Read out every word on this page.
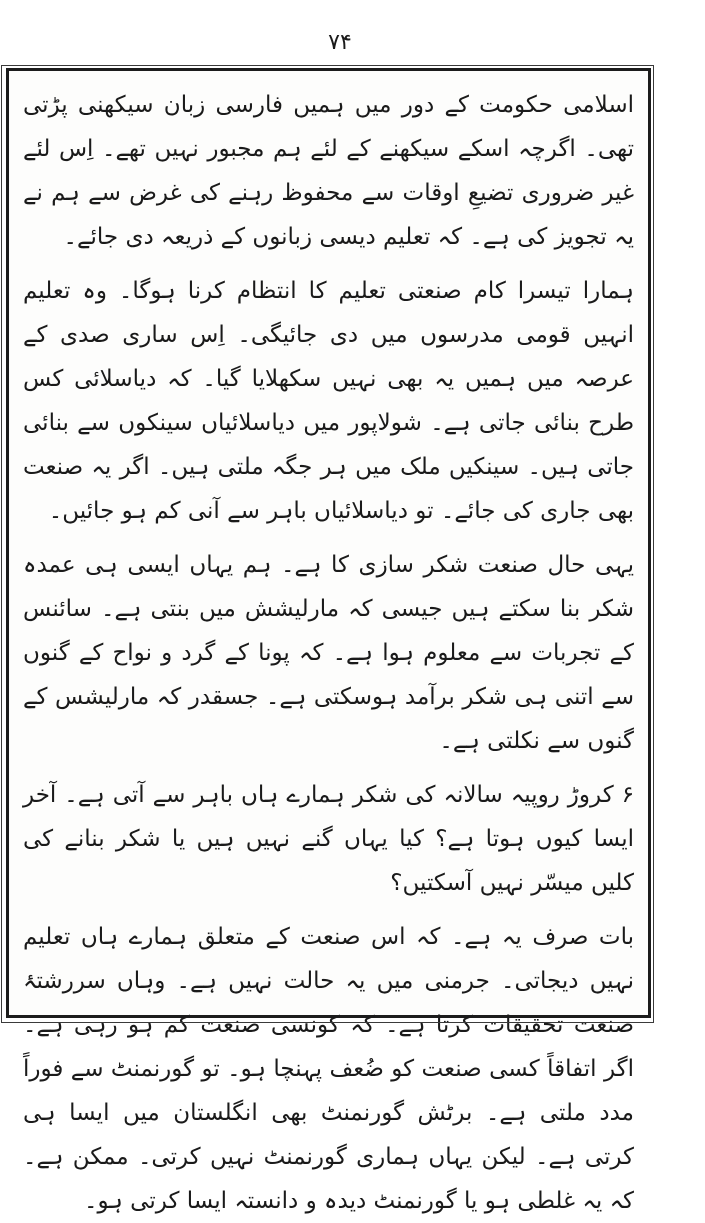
۷۴

اسلامی حکومت کے دور میں ہمیں فارسی زبان سیکھنی پڑتی تھی۔ اگرچہ اسکے سیکھنے کے لئے ہم مجبور نہیں تھے۔ اِس لئے غیر ضروری تضیعِ اوقات سے محفوظ رہنے کی غرض سے ہم نے یہ تجویز کی ہے۔ کہ تعلیم دیسی زبانوں کے ذریعہ دی جائے۔

ہمارا تیسرا کام صنعتی تعلیم کا انتظام کرنا ہوگا۔ وہ تعلیم انہیں قومی مدرسوں میں دی جائیگی۔ اِس ساری صدی کے عرصہ میں ہمیں یہ بھی نہیں سکھلایا گیا۔ کہ دیاسلائی کس طرح بنائی جاتی ہے۔ شولاپور میں دیاسلائیاں سینکوں سے بنائی جاتی ہیں۔ سینکیں ملک میں ہر جگہ ملتی ہیں۔ اگر یہ صنعت بھی جاری کی جائے۔ تو دیاسلائیاں باہر سے آنی کم ہو جائیں۔

یہی حال صنعت شکر سازی کا ہے۔ ہم یہاں ایسی ہی عمدہ شکر بنا سکتے ہیں جیسی کہ مارلیشش میں بنتی ہے۔ سائنس کے تجربات سے معلوم ہوا ہے۔ کہ پونا کے گرد و نواح کے گنوں سے اتنی ہی شکر برآمد ہوسکتی ہے۔ جسقدر کہ مارلیشس کے گنوں سے نکلتی ہے۔

۶ کروڑ روپیہ سالانہ کی شکر ہمارے ہاں باہر سے آتی ہے۔ آخر ایسا کیوں ہوتا ہے؟ کیا یہاں گنے نہیں ہیں یا شکر بنانے کی کلیں میسّر نہیں آسکتیں؟

بات صرف یہ ہے۔ کہ اس صنعت کے متعلق ہمارے ہاں تعلیم نہیں دیجاتی۔ جرمنی میں یہ حالت نہیں ہے۔ وہاں سررشتۂ صنعت تحقیقات کرتا ہے۔ کہ کونسی صنعت کم ہو رہی ہے۔ اگر اتفاقاً کسی صنعت کو ضُعف پہنچا ہو۔ تو گورنمنٹ سے فوراً مدد ملتی ہے۔ برٹش گورنمنٹ بھی انگلستان میں ایسا ہی کرتی ہے۔ لیکن یہاں ہماری گورنمنٹ نہیں کرتی۔ ممکن ہے۔ کہ یہ غلطی ہو یا گورنمنٹ دیدہ و دانستہ ایسا کرتی ہو۔
